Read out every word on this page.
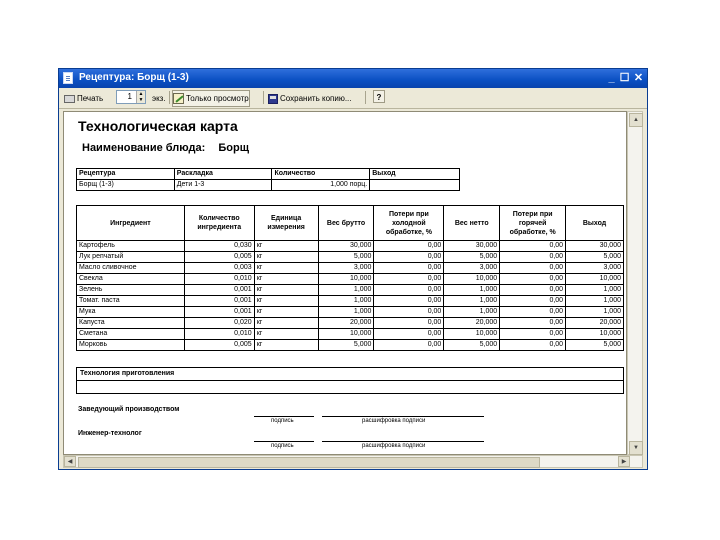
Рецептура: Борщ (1-3)	_ ☐ ✕
Печать	1	▲
▼ экз.	Только просмотр	Сохранить копию...	?
Технологическая карта
Наименование блюда: Борщ
Рецептура	Раскладка	Количество	Выход
Борщ (1-3)	Дети 1-3	1,000 порц.	
Ингредиент	Количество ингредиента	Единица измерения	Вес брутто	Потери при холодной обработке, %	Вес нетто	Потери при горячей обработке, %	Выход
Картофель	0,030	кг	30,000	0,00	30,000	0,00	30,000
Лук репчатый	0,005	кг	5,000	0,00	5,000	0,00	5,000
Масло сливочное	0,003	кг	3,000	0,00	3,000	0,00	3,000
Свекла	0,010	кг	10,000	0,00	10,000	0,00	10,000
Зелень	0,001	кг	1,000	0,00	1,000	0,00	1,000
Томат. паста	0,001	кг	1,000	0,00	1,000	0,00	1,000
Мука	0,001	кг	1,000	0,00	1,000	0,00	1,000
Капуста	0,020	кг	20,000	0,00	20,000	0,00	20,000
Сметана	0,010	кг	10,000	0,00	10,000	0,00	10,000
Морковь	0,005	кг	5,000	0,00	5,000	0,00	5,000
Технология приготовления
Заведующий производством
подпись	расшифровка подписи
Инженер-технолог
подпись	расшифровка подписи
▲
▼
◀	▶
